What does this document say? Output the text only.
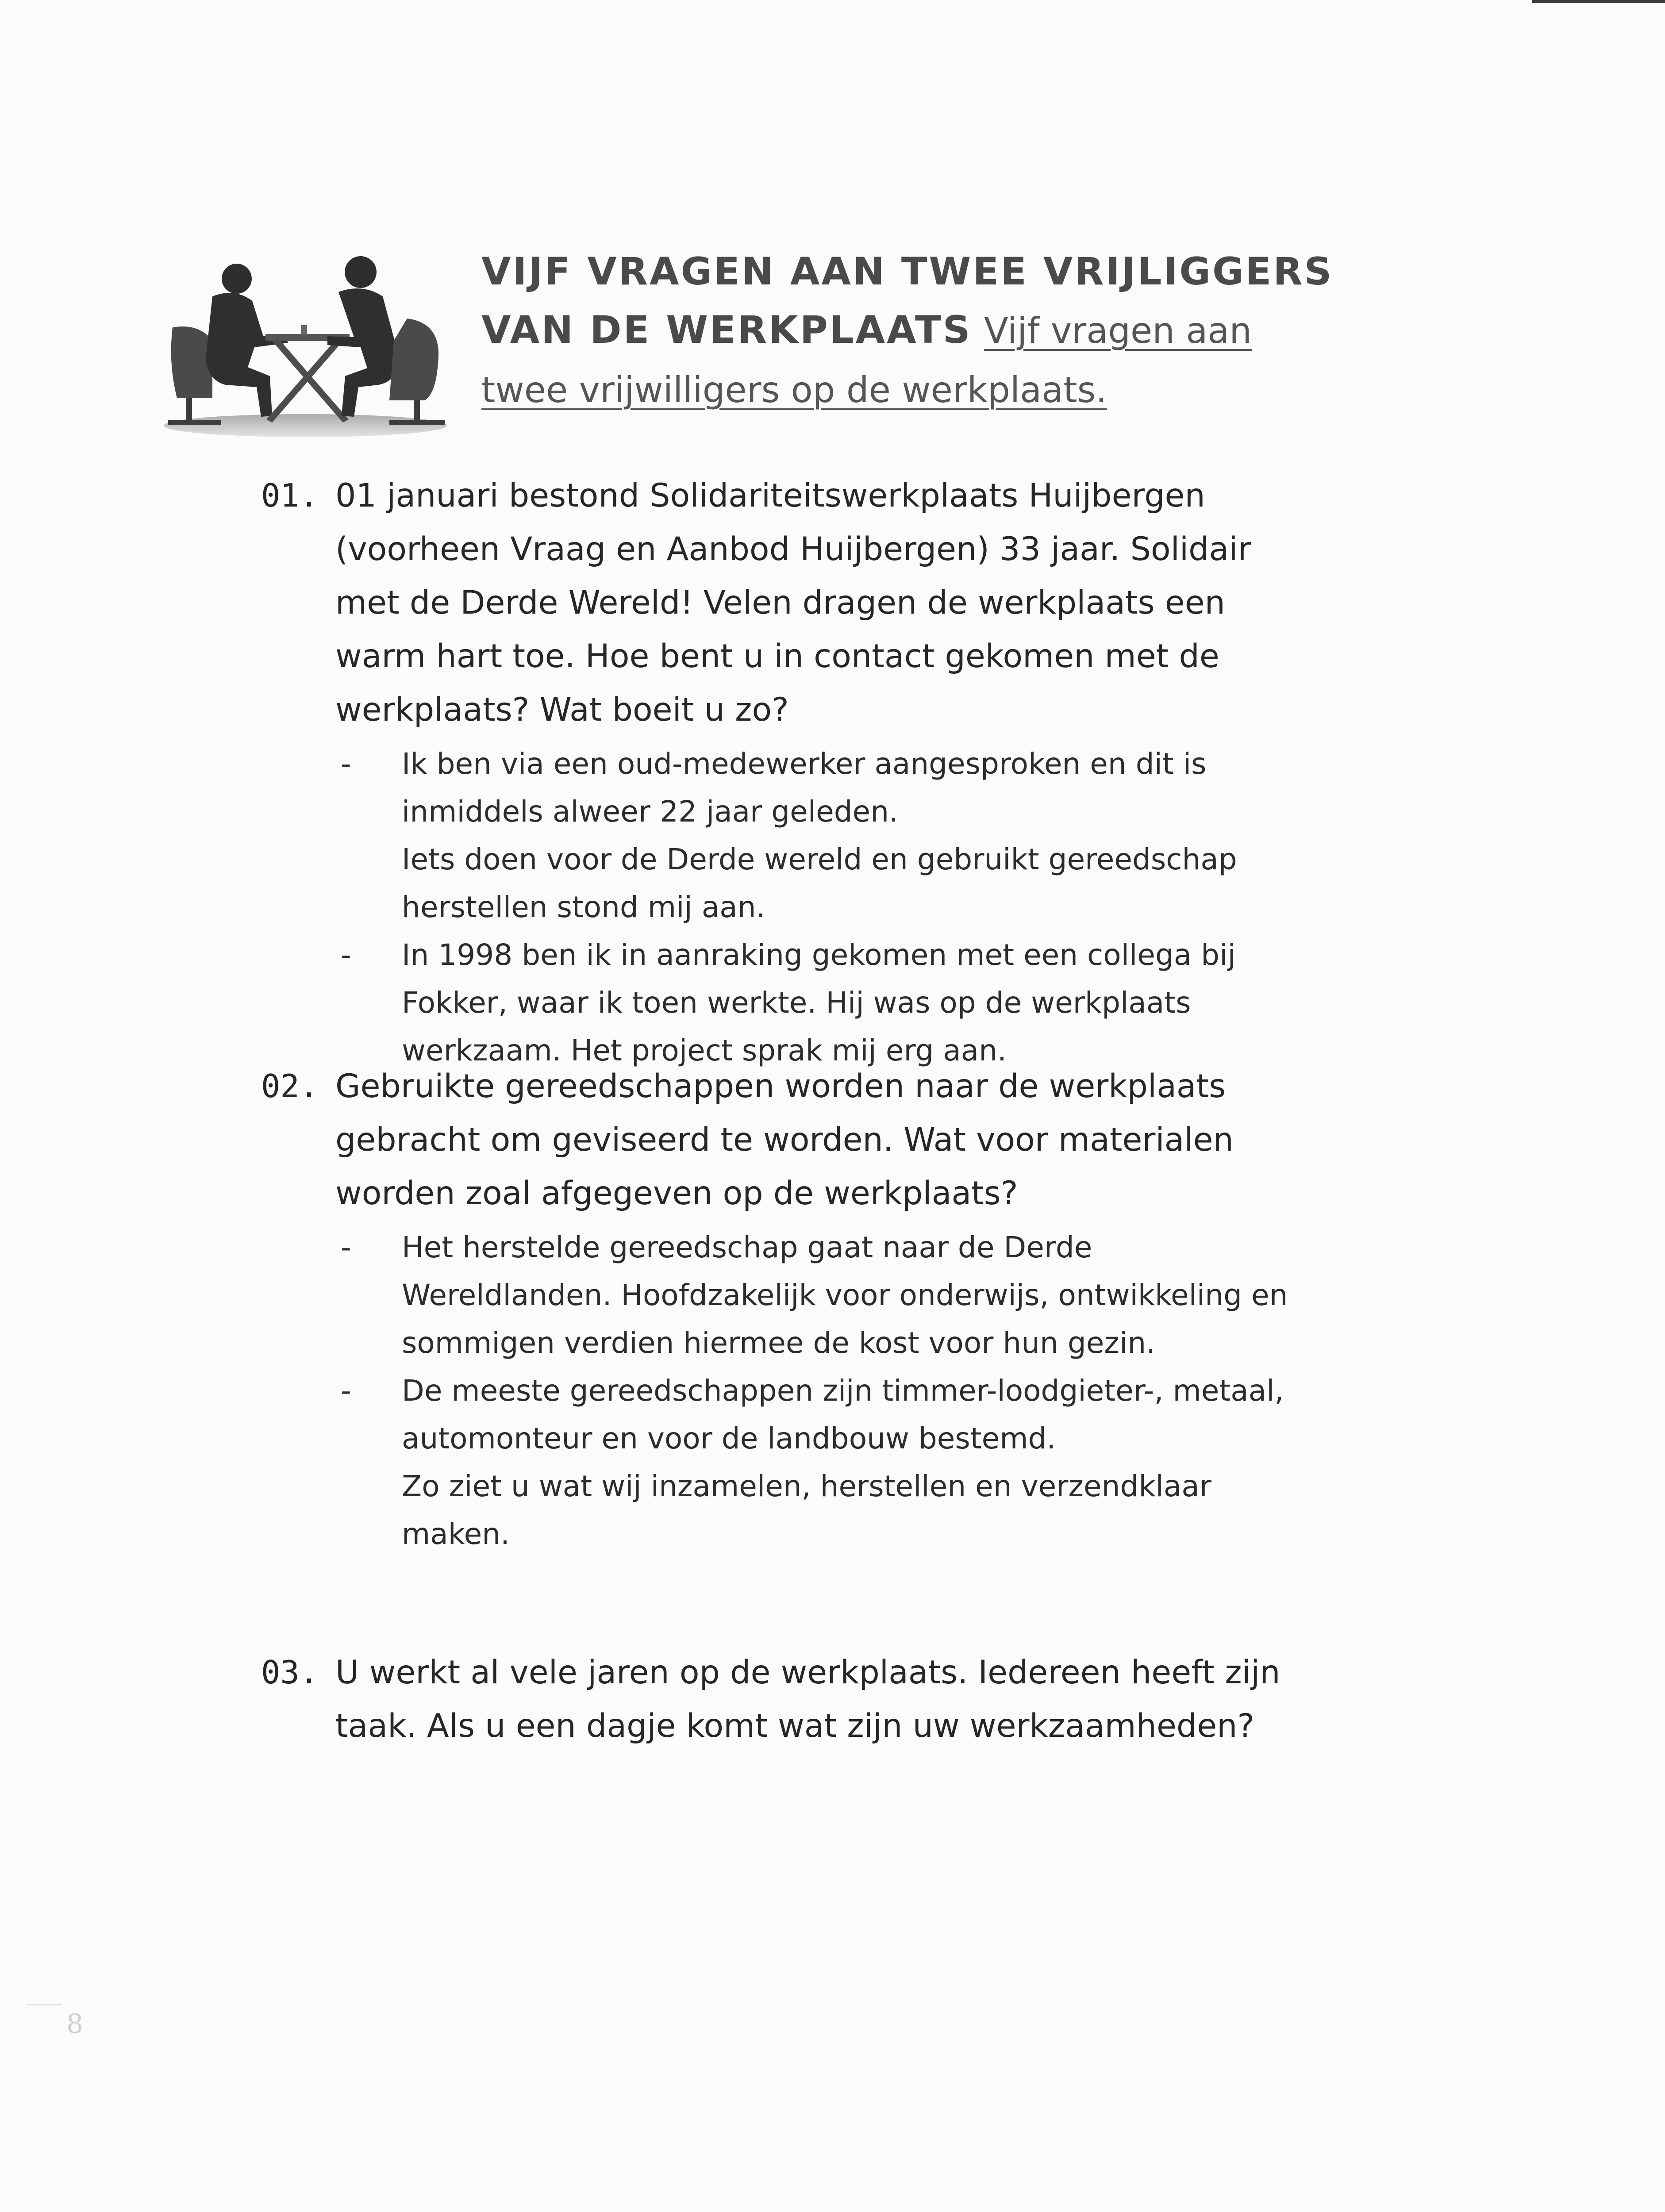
VIJF VRAGEN AAN TWEE VRIJLIGGERS
VAN DE WERKPLAATS Vijf vragen aan
twee vrijwilligers op de werkplaats.
01. 01 januari bestond Solidariteitswerkplaats Huijbergen (voorheen Vraag en Aanbod Huijbergen) 33 jaar. Solidair met de Derde Wereld! Velen dragen de werkplaats een warm hart toe. Hoe bent u in contact gekomen met de werkplaats? Wat boeit u zo?
- Ik ben via een oud-medewerker aangesproken en dit is inmiddels alweer 22 jaar geleden.
Iets doen voor de Derde wereld en gebruikt gereedschap herstellen stond mij aan.
- In 1998 ben ik in aanraking gekomen met een collega bij Fokker, waar ik toen werkte. Hij was op de werkplaats werkzaam. Het project sprak mij erg aan.
02. Gebruikte gereedschappen worden naar de werkplaats gebracht om geviseerd te worden. Wat voor materialen worden zoal afgegeven op de werkplaats?
- Het herstelde gereedschap gaat naar de Derde Wereldlanden. Hoofdzakelijk voor onderwijs, ontwikkeling en sommigen verdien hiermee de kost voor hun gezin.
- De meeste gereedschappen zijn timmer-loodgieter-, metaal, automonteur en voor de landbouw bestemd.
Zo ziet u wat wij inzamelen, herstellen en verzendklaar maken.
03. U werkt al vele jaren op de werkplaats. Iedereen heeft zijn taak. Als u een dagje komt wat zijn uw werkzaamheden?
8
